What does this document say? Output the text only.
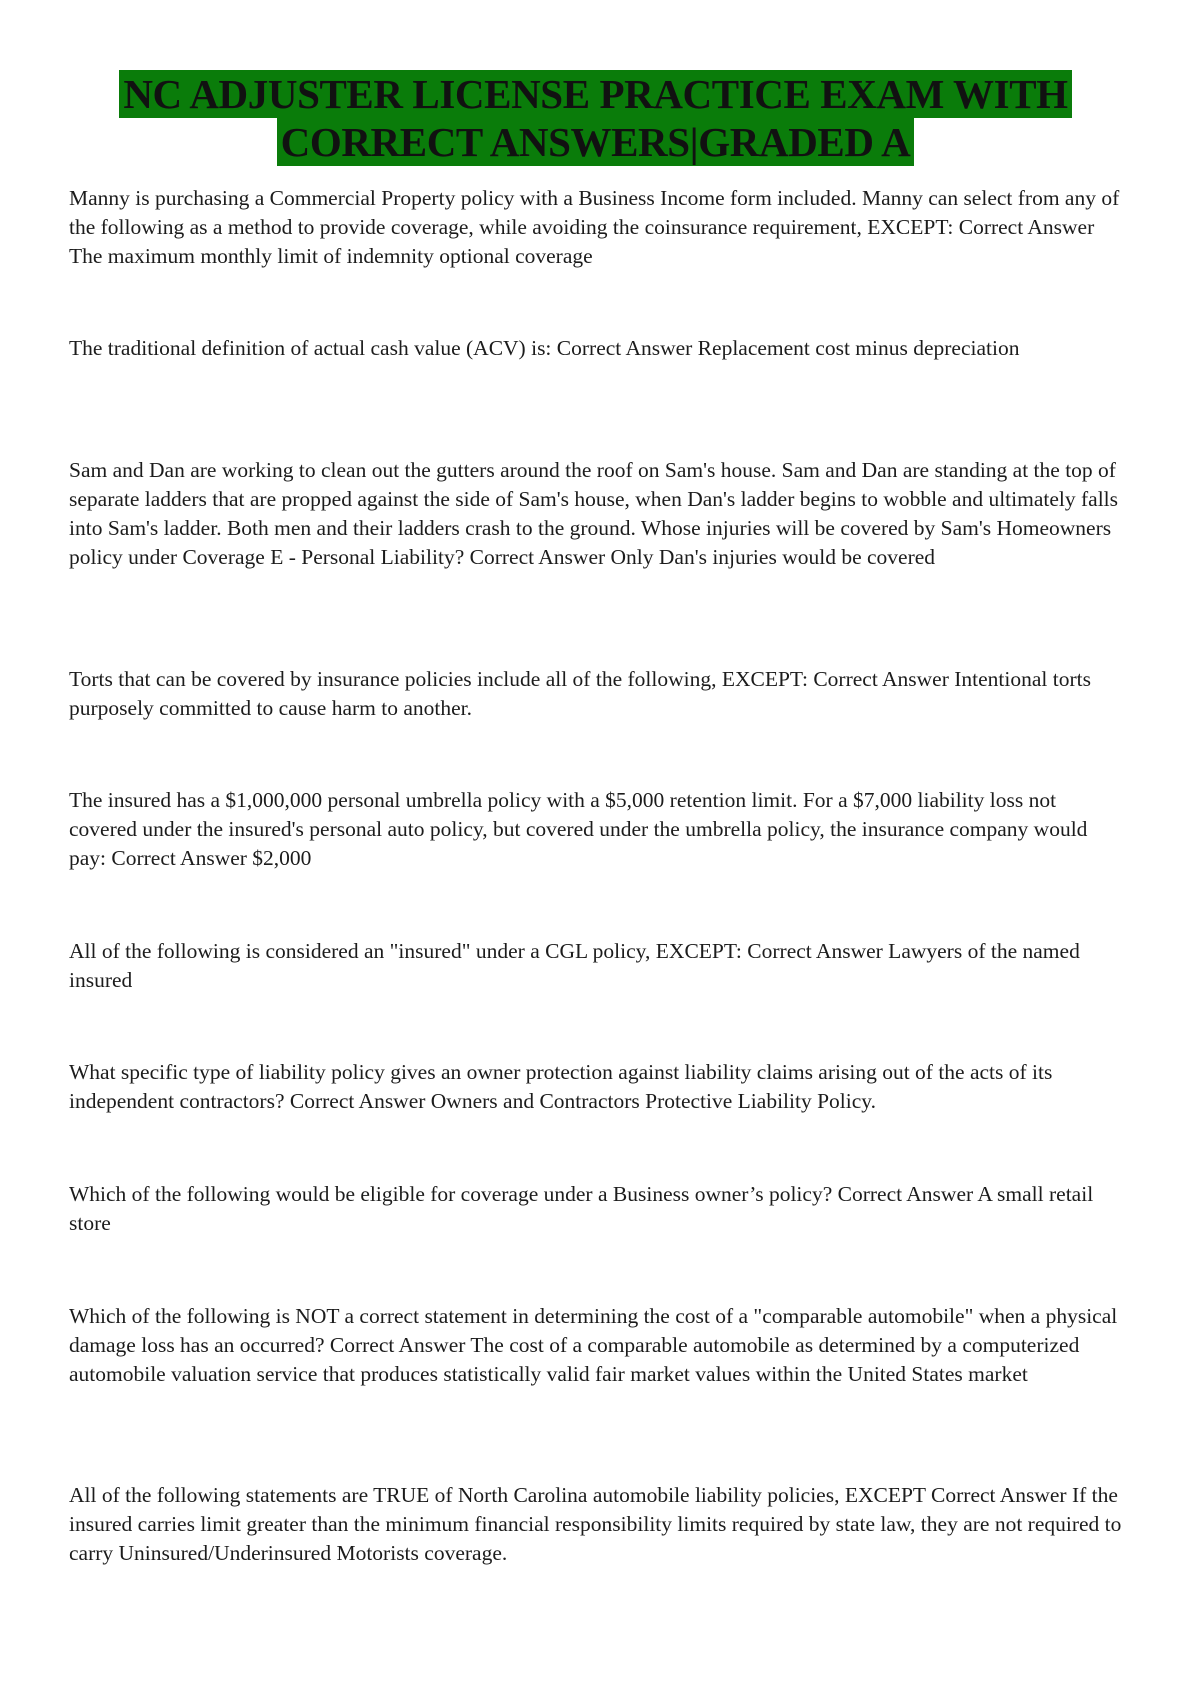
NC ADJUSTER LICENSE PRACTICE EXAM WITH
CORRECT ANSWERS|GRADED A

Manny is purchasing a Commercial Property policy with a Business Income form included. Manny can select from any of the following as a method to provide coverage, while avoiding the coinsurance requirement, EXCEPT: Correct Answer The maximum monthly limit of indemnity optional coverage

The traditional definition of actual cash value (ACV) is: Correct Answer Replacement cost minus depreciation

Sam and Dan are working to clean out the gutters around the roof on Sam's house. Sam and Dan are standing at the top of separate ladders that are propped against the side of Sam's house, when Dan's ladder begins to wobble and ultimately falls into Sam's ladder. Both men and their ladders crash to the ground. Whose injuries will be covered by Sam's Homeowners policy under Coverage E - Personal Liability? Correct Answer Only Dan's injuries would be covered

Torts that can be covered by insurance policies include all of the following, EXCEPT: Correct Answer Intentional torts purposely committed to cause harm to another.

The insured has a $1,000,000 personal umbrella policy with a $5,000 retention limit. For a $7,000 liability loss not covered under the insured's personal auto policy, but covered under the umbrella policy, the insurance company would pay: Correct Answer $2,000

All of the following is considered an "insured" under a CGL policy, EXCEPT: Correct Answer Lawyers of the named insured

What specific type of liability policy gives an owner protection against liability claims arising out of the acts of its independent contractors? Correct Answer Owners and Contractors Protective Liability Policy.

Which of the following would be eligible for coverage under a Business owner’s policy? Correct Answer A small retail store

Which of the following is NOT a correct statement in determining the cost of a "comparable automobile" when a physical damage loss has an occurred? Correct Answer The cost of a comparable automobile as determined by a computerized automobile valuation service that produces statistically valid fair market values within the United States market

All of the following statements are TRUE of North Carolina automobile liability policies, EXCEPT Correct Answer If the insured carries limit greater than the minimum financial responsibility limits required by state law, they are not required to carry Uninsured/Underinsured Motorists coverage.
